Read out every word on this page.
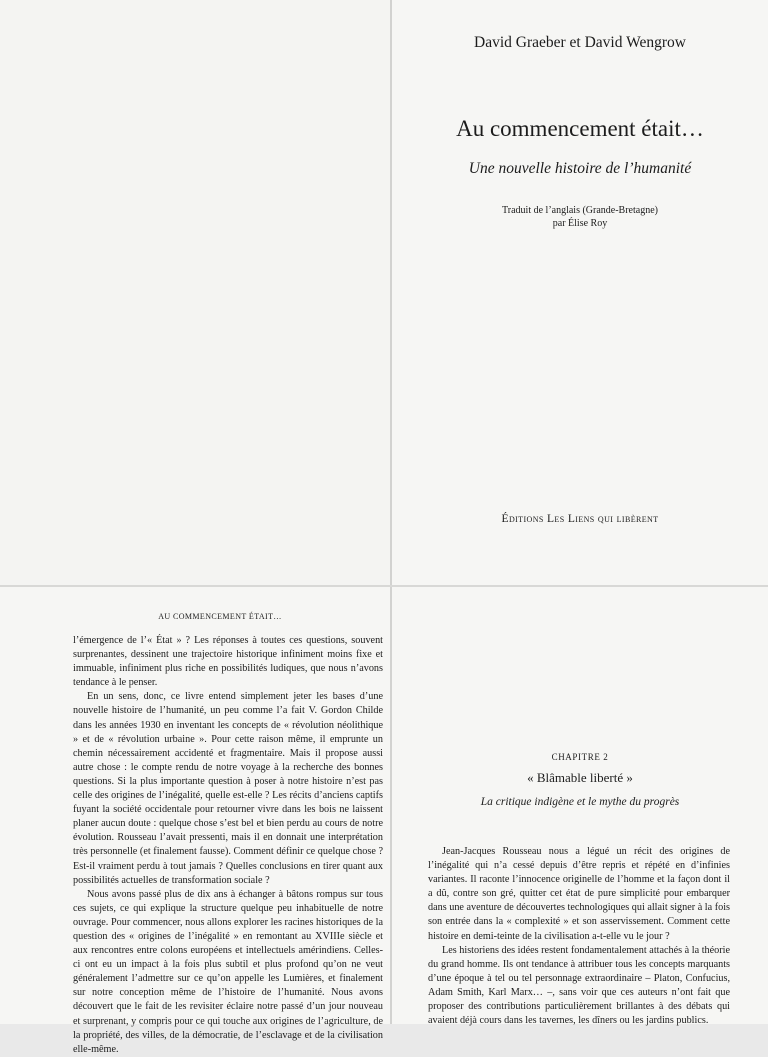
David Graeber et David Wengrow
Au commencement était…
Une nouvelle histoire de l’humanité
Traduit de l’anglais (Grande-Bretagne)
par Élise Roy
Éditions Les Liens qui libèrent
AU COMMENCEMENT ÉTAIT…

l’émergence de l’« État » ? Les réponses à toutes ces questions, souvent surprenantes, dessinent une trajectoire historique infiniment moins fixe et immuable, infiniment plus riche en possibilités ludiques, que nous n’avons tendance à le penser.

En un sens, donc, ce livre entend simplement jeter les bases d’une nouvelle histoire de l’humanité, un peu comme l’a fait V. Gordon Childe dans les années 1930 en inventant les concepts de « révolution néolithique » et de « révolution urbaine ». Pour cette raison même, il emprunte un chemin nécessairement accidenté et fragmentaire. Mais il propose aussi autre chose : le compte rendu de notre voyage à la recherche des bonnes questions. Si la plus importante question à poser à notre histoire n’est pas celle des origines de l’inégalité, quelle est-elle ? Les récits d’anciens captifs fuyant la société occidentale pour retourner vivre dans les bois ne laissent planer aucun doute : quelque chose s’est bel et bien perdu au cours de notre évolution. Rousseau l’avait pressenti, mais il en donnait une interprétation très personnelle (et finalement fausse). Comment définir ce quelque chose ? Est-il vraiment perdu à tout jamais ? Quelles conclusions en tirer quant aux possibilités actuelles de transformation sociale ?

Nous avons passé plus de dix ans à échanger à bâtons rompus sur tous ces sujets, ce qui explique la structure quelque peu inhabituelle de notre ouvrage. Pour commencer, nous allons explorer les racines historiques de la question des « origines de l’inégalité » en remontant au XVIIIe siècle et aux rencontres entre colons européens et intellectuels amérindiens. Celles-ci ont eu un impact à la fois plus subtil et plus profond qu’on ne veut généralement l’admettre sur ce qu’on appelle les Lumières, et finalement sur notre conception même de l’histoire de l’humanité. Nous avons découvert que le fait de les revisiter éclaire notre passé d’un jour nouveau et surprenant, y compris pour ce qui touche aux origines de l’agriculture, de la propriété, des villes, de la démocratie, de l’esclavage et de la civilisation elle-même.

CHAPITRE 2
« Blâmable liberté »
La critique indigène et le mythe du progrès

Jean-Jacques Rousseau nous a légué un récit des origines de l’inégalité qui n’a cessé depuis d’être repris et répété en d’infinies variantes. Il raconte l’innocence originelle de l’homme et la façon dont il a dû, contre son gré, quitter cet état de pure simplicité pour embarquer dans une aventure de découvertes technologiques qui allait signer à la fois son entrée dans la « complexité » et son asservissement. Comment cette histoire en demi-teinte de la civilisation a-t-elle vu le jour ?

Les historiens des idées restent fondamentalement attachés à la théorie du grand homme. Ils ont tendance à attribuer tous les concepts marquants d’une époque à tel ou tel personnage extraordinaire – Platon, Confucius, Adam Smith, Karl Marx… –, sans voir que ces auteurs n’ont fait que proposer des contributions particulièrement brillantes à des débats qui avaient déjà cours dans les tavernes, les dîners ou les jardins publics.
